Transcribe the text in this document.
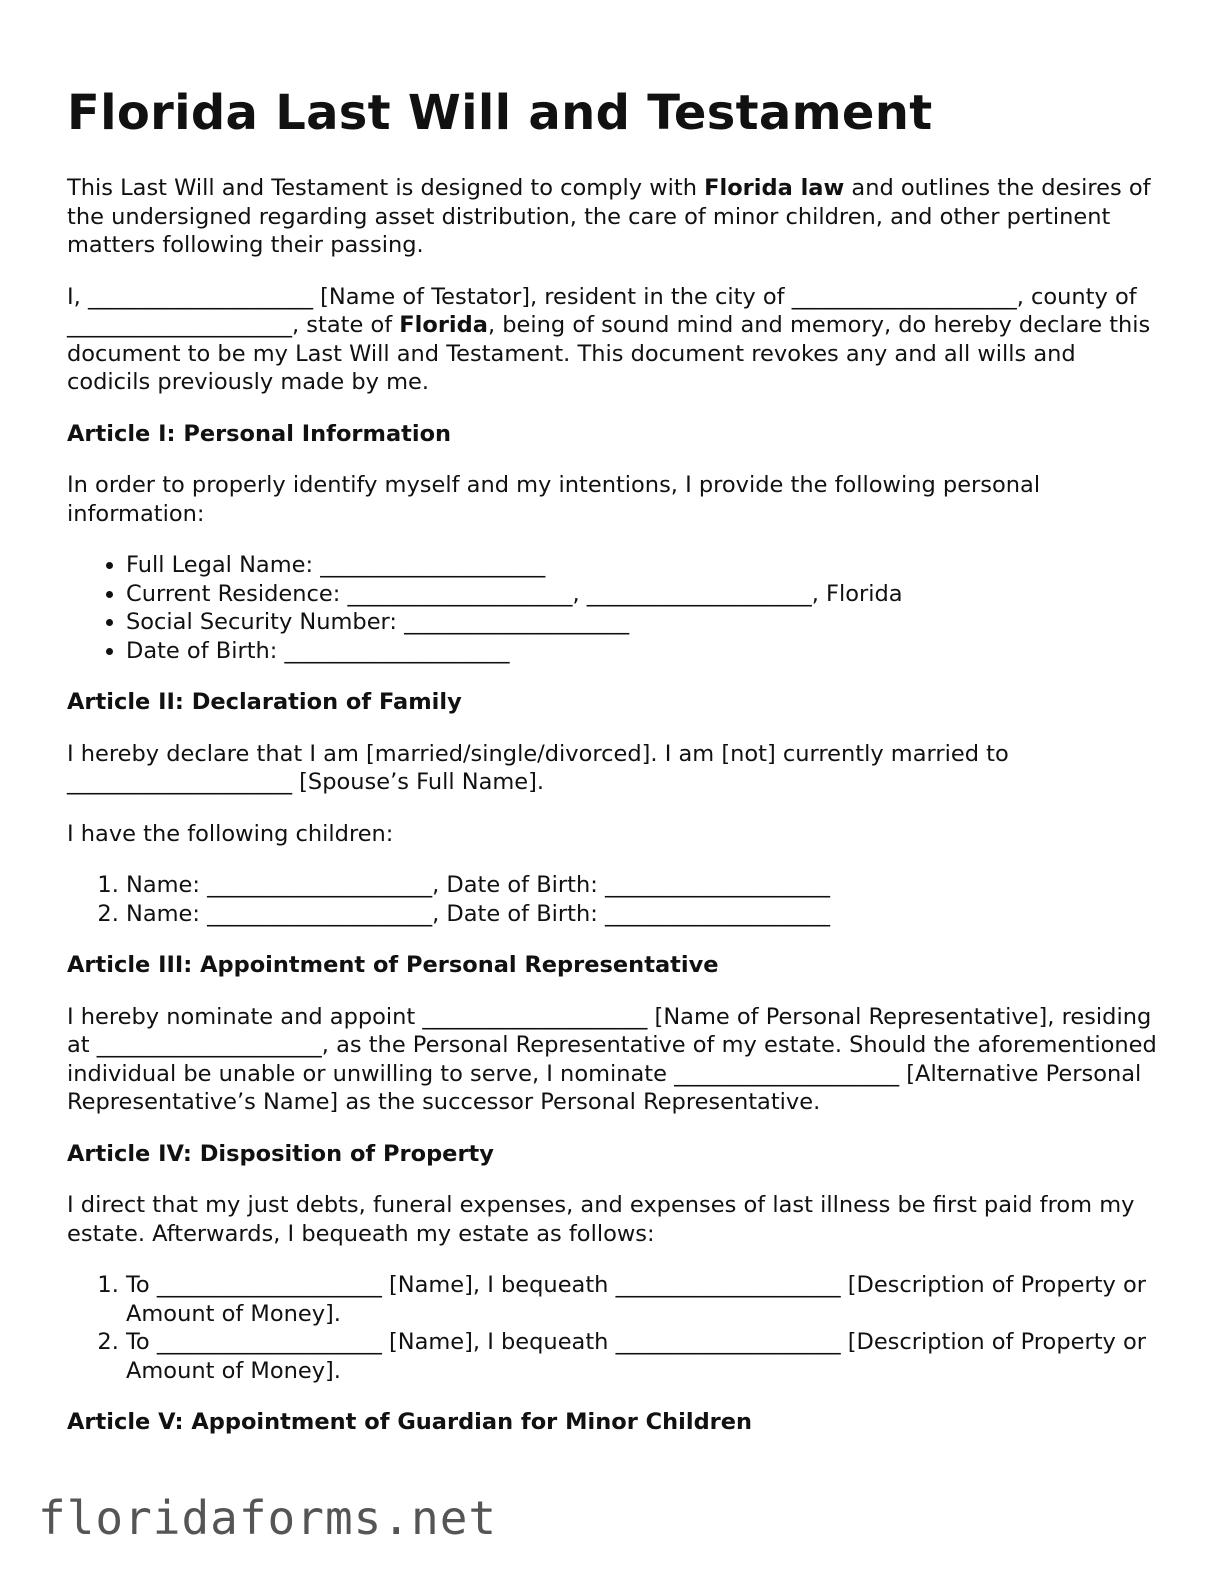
Florida Last Will and Testament

This Last Will and Testament is designed to comply with Florida law and outlines the desires of the undersigned regarding asset distribution, the care of minor children, and other pertinent matters following their passing.

I, ____________________ [Name of Testator], resident in the city of ____________________, county of ____________________, state of Florida, being of sound mind and memory, do hereby declare this document to be my Last Will and Testament. This document revokes any and all wills and codicils previously made by me.

Article I: Personal Information

In order to properly identify myself and my intentions, I provide the following personal information:

• Full Legal Name: ____________________
• Current Residence: ____________________, ____________________, Florida
• Social Security Number: ____________________
• Date of Birth: ____________________
Article II: Declaration of Family

I hereby declare that I am [married/single/divorced]. I am [not] currently married to ____________________ [Spouse’s Full Name].

I have the following children:

1. Name: ____________________, Date of Birth: ____________________
2. Name: ____________________, Date of Birth: ____________________
Article III: Appointment of Personal Representative

I hereby nominate and appoint ____________________ [Name of Personal Representative], residing at ____________________, as the Personal Representative of my estate. Should the aforementioned individual be unable or unwilling to serve, I nominate ____________________ [Alternative Personal Representative’s Name] as the successor Personal Representative.

Article IV: Disposition of Property

I direct that my just debts, funeral expenses, and expenses of last illness be first paid from my estate. Afterwards, I bequeath my estate as follows:

1. To ____________________ [Name], I bequeath ____________________ [Description of Property or Amount of Money].
2. To ____________________ [Name], I bequeath ____________________ [Description of Property or Amount of Money].
Article V: Appointment of Guardian for Minor Children
floridaforms.net
